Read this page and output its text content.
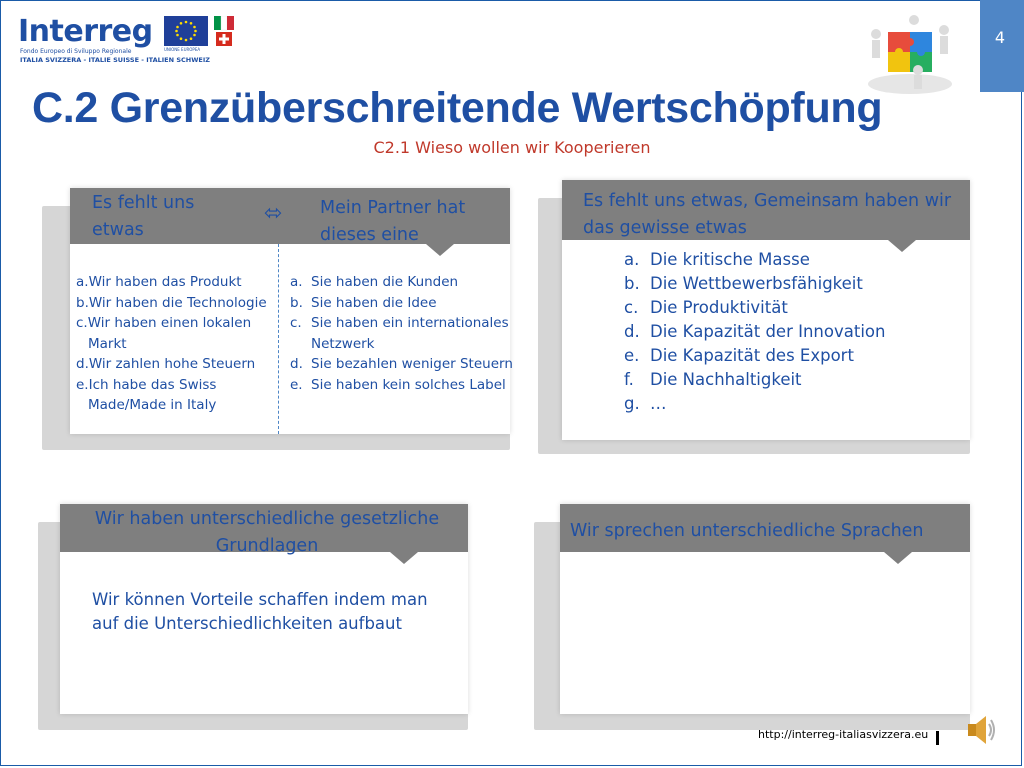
Interreg
Fondo Europeo di Sviluppo Regionale
ITALIA SVIZZERA - ITALIE SUISSE - ITALIEN SCHWEIZ
UNIONE EUROPEA
4
C.2 Grenzüberschreitende Wertschöpfung
C2.1 Wieso wollen wir Kooperieren
Es fehlt uns etwas
⬄ Mein Partner hat dieses eine
a.Wir haben das Produkt
b.Wir haben die Technologie
c.Wir haben einen lokalen
Markt
d.Wir zahlen hohe Steuern
e.Ich habe das Swiss
Made/Made in Italy
a. Sie haben die Kunden
b. Sie haben die Idee
c. Sie haben ein internationales
Netzwerk
d. Sie bezahlen weniger Steuern
e. Sie haben kein solches Label
Es fehlt uns etwas, Gemeinsam haben wir das gewisse etwas
a. Die kritische Masse
b. Die Wettbewerbsfähigkeit
c. Die Produktivität
d. Die Kapazität der Innovation
e. Die Kapazität des Export
f. Die Nachhaltigkeit
g. …
Wir haben unterschiedliche gesetzliche Grundlagen
Wir können Vorteile schaffen indem man auf die Unterschiedlichkeiten aufbaut
Wir sprechen unterschiedliche Sprachen
http://interreg-italiasvizzera.eu
